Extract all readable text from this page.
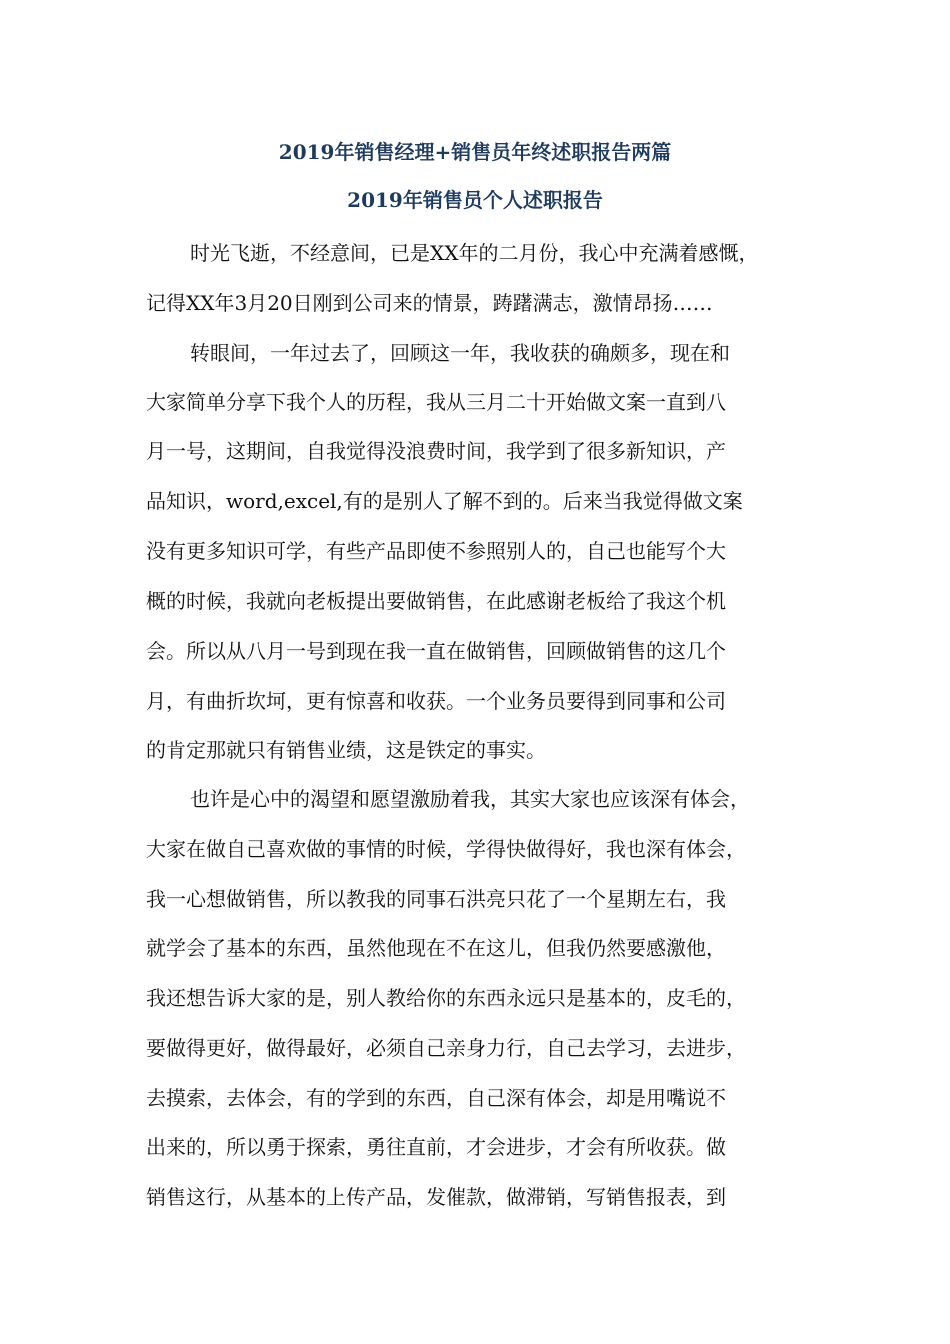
2019年销售经理+销售员年终述职报告两篇
2019年销售员个人述职报告

时光飞逝，不经意间，已是XX年的二月份，我心中充满着感慨，

记得XX年3月20日刚到公司来的情景，踌躇满志，激情昂扬……

转眼间，一年过去了，回顾这一年，我收获的确颇多，现在和

大家简单分享下我个人的历程，我从三月二十开始做文案一直到八

月一号，这期间，自我觉得没浪费时间，我学到了很多新知识，产

品知识，word,excel,有的是别人了解不到的。后来当我觉得做文案

没有更多知识可学，有些产品即使不参照别人的，自己也能写个大

概的时候，我就向老板提出要做销售，在此感谢老板给了我这个机

会。所以从八月一号到现在我一直在做销售，回顾做销售的这几个

月，有曲折坎坷，更有惊喜和收获。一个业务员要得到同事和公司

的肯定那就只有销售业绩，这是铁定的事实。

也许是心中的渴望和愿望激励着我，其实大家也应该深有体会，

大家在做自己喜欢做的事情的时候，学得快做得好，我也深有体会，

我一心想做销售，所以教我的同事石洪亮只花了一个星期左右，我

就学会了基本的东西，虽然他现在不在这儿，但我仍然要感激他，

我还想告诉大家的是，别人教给你的东西永远只是基本的，皮毛的，

要做得更好，做得最好，必须自己亲身力行，自己去学习，去进步，

去摸索，去体会，有的学到的东西，自己深有体会，却是用嘴说不

出来的，所以勇于探索，勇往直前，才会进步，才会有所收获。做

销售这行，从基本的上传产品，发催款，做滞销，写销售报表，到
